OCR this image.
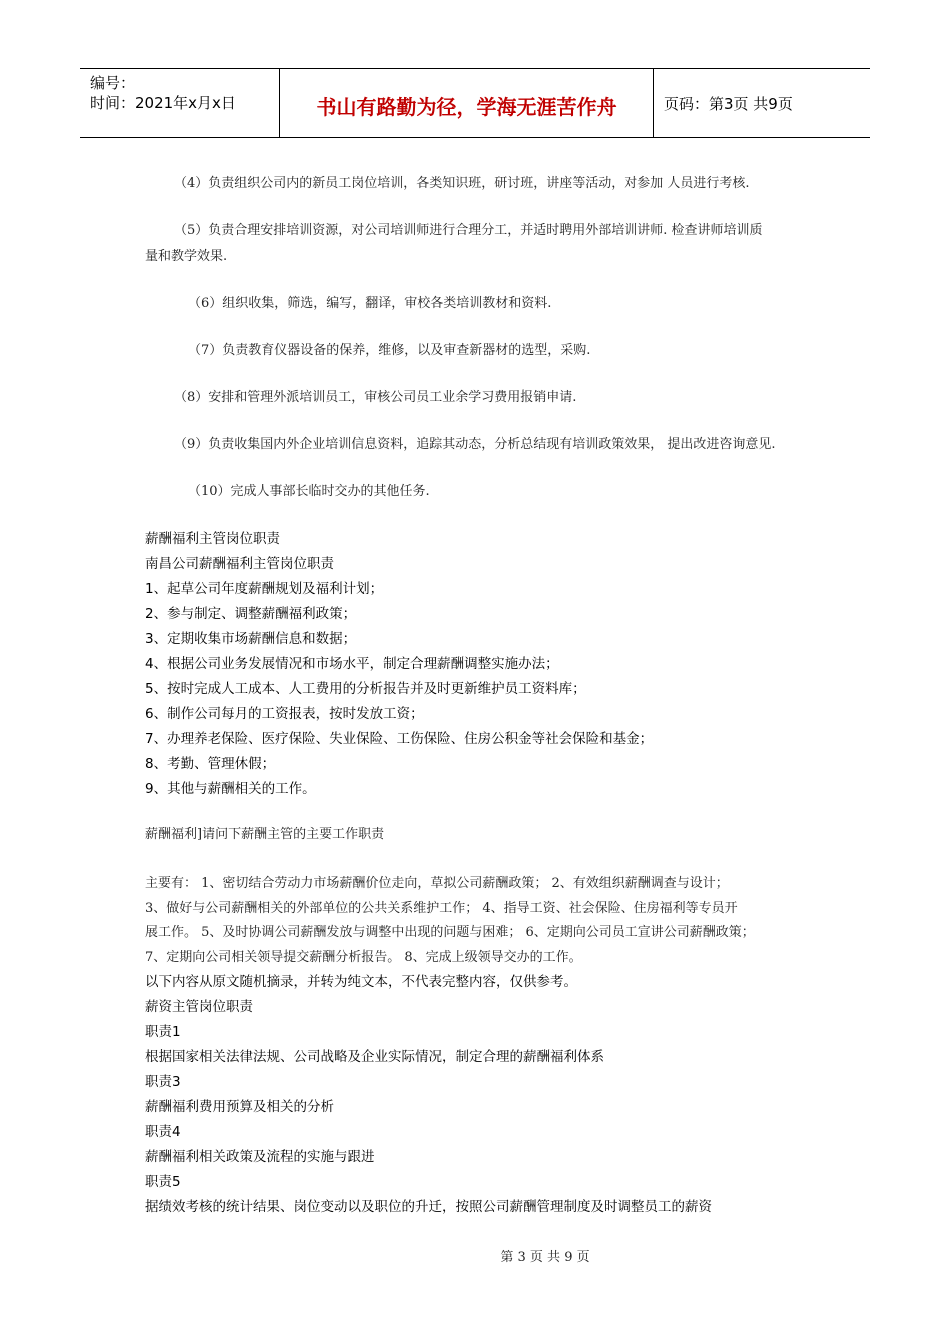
编号：
时间：2021年x月x日	书山有路勤为径，学海无涯苦作舟	页码：第3页 共9页
（4）负责组织公司内的新员工岗位培训，各类知识班，研讨班，讲座等活动，对参加 人员进行考核.
（5）负责合理安排培训资源，对公司培训师进行合理分工，并适时聘用外部培训讲师. 检查讲师培训质
量和教学效果.
（6）组织收集，筛选，编写，翻译，审校各类培训教材和资料.
（7）负责教育仪器设备的保养，维修，以及审查新器材的选型，采购.
（8）安排和管理外派培训员工，审核公司员工业余学习费用报销申请.
（9）负责收集国内外企业培训信息资料，追踪其动态，分析总结现有培训政策效果， 提出改进咨询意见.
（10）完成人事部长临时交办的其他任务.
薪酬福利主管岗位职责
南昌公司薪酬福利主管岗位职责
1、起草公司年度薪酬规划及福利计划；
2、参与制定、调整薪酬福利政策；
3、定期收集市场薪酬信息和数据；
4、根据公司业务发展情况和市场水平，制定合理薪酬调整实施办法；
5、按时完成人工成本、人工费用的分析报告并及时更新维护员工资料库；
6、制作公司每月的工资报表，按时发放工资；
7、办理养老保险、医疗保险、失业保险、工伤保险、住房公积金等社会保险和基金；
8、考勤、管理休假；
9、其他与薪酬相关的工作。
薪酬福利]请问下薪酬主管的主要工作职责
主要有： 1、密切结合劳动力市场薪酬价位走向，草拟公司薪酬政策； 2、有效组织薪酬调查与设计；
3、做好与公司薪酬相关的外部单位的公共关系维护工作； 4、指导工资、社会保险、住房福利等专员开
展工作。 5、及时协调公司薪酬发放与调整中出现的问题与困难； 6、定期向公司员工宣讲公司薪酬政策；
7、定期向公司相关领导提交薪酬分析报告。 8、完成上级领导交办的工作。
以下内容从原文随机摘录，并转为纯文本，不代表完整内容，仅供参考。
薪资主管岗位职责
职责1
根据国家相关法律法规、公司战略及企业实际情况，制定合理的薪酬福利体系
职责3
薪酬福利费用预算及相关的分析
职责4
薪酬福利相关政策及流程的实施与跟进
职责5
据绩效考核的统计结果、岗位变动以及职位的升迁，按照公司薪酬管理制度及时调整员工的薪资
第 3 页 共 9 页
